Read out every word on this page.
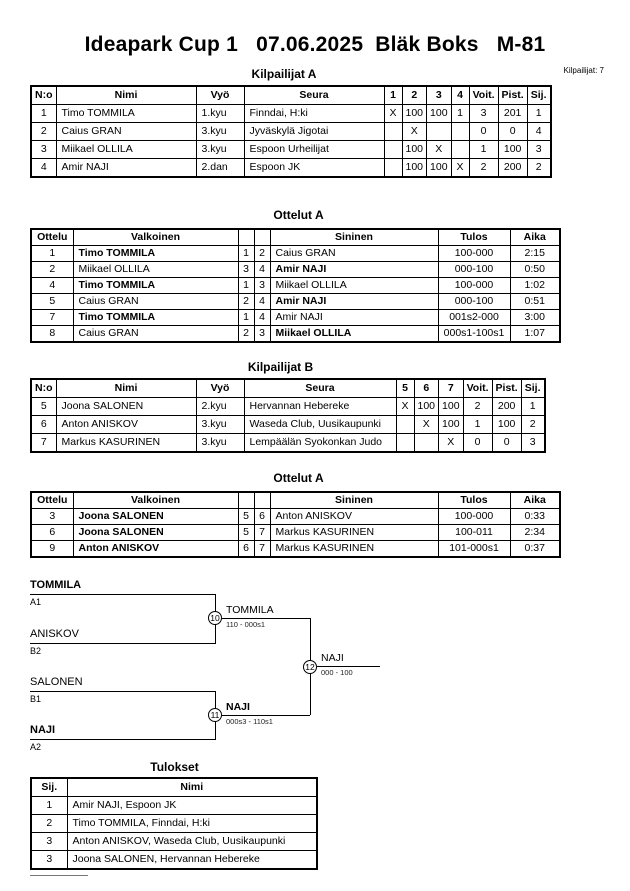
Ideapark Cup 1   07.06.2025  Bläk Boks   M-81
Kilpailijat: 7
Kilpailijat A
N:o	Nimi	Vyö	Seura	1	2	3	4	Voit.	Pist.	Sij.
1	Timo TOMMILA	1.kyu	Finndai, H:ki	X	100	100	1	3	201	1
2	Caius GRAN	3.kyu	Jyväskylä Jigotai		X			0	0	4
3	Miikael OLLILA	3.kyu	Espoon Urheilijat		100	X		1	100	3
4	Amir NAJI	2.dan	Espoon JK		100	100	X	2	200	2
Ottelut A
Ottelu	Valkoinen			Sininen	Tulos	Aika
1	Timo TOMMILA	1	2	Caius GRAN	100-000	2:15
2	Miikael OLLILA	3	4	Amir NAJI	000-100	0:50
4	Timo TOMMILA	1	3	Miikael OLLILA	100-000	1:02
5	Caius GRAN	2	4	Amir NAJI	000-100	0:51
7	Timo TOMMILA	1	4	Amir NAJI	001s2-000	3:00
8	Caius GRAN	2	3	Miikael OLLILA	000s1-100s1	1:07
Kilpailijat B
N:o	Nimi	Vyö	Seura	5	6	7	Voit.	Pist.	Sij.
5	Joona SALONEN	2.kyu	Hervannan Hebereke	X	100	100	2	200	1
6	Anton ANISKOV	3.kyu	Waseda Club, Uusikaupunki		X	100	1	100	2
7	Markus KASURINEN	3.kyu	Lempäälän Syokonkan Judo			X	0	0	3
Ottelut A
Ottelu	Valkoinen			Sininen	Tulos	Aika
3	Joona SALONEN	5	6	Anton ANISKOV	100-000	0:33
6	Joona SALONEN	5	7	Markus KASURINEN	100-011	2:34
9	Anton ANISKOV	6	7	Markus KASURINEN	101-000s1	0:37
TOMMILA
A1
ANISKOV
B2
10
TOMMILA
110 - 000s1
SALONEN
B1
NAJI
A2
11
NAJI
000s3 - 110s1
12
NAJI
000 - 100
Tulokset
Sij.	Nimi
1	Amir NAJI, Espoon JK
2	Timo TOMMILA, Finndai, H:ki
3	Anton ANISKOV, Waseda Club, Uusikaupunki
3	Joona SALONEN, Hervannan Hebereke
